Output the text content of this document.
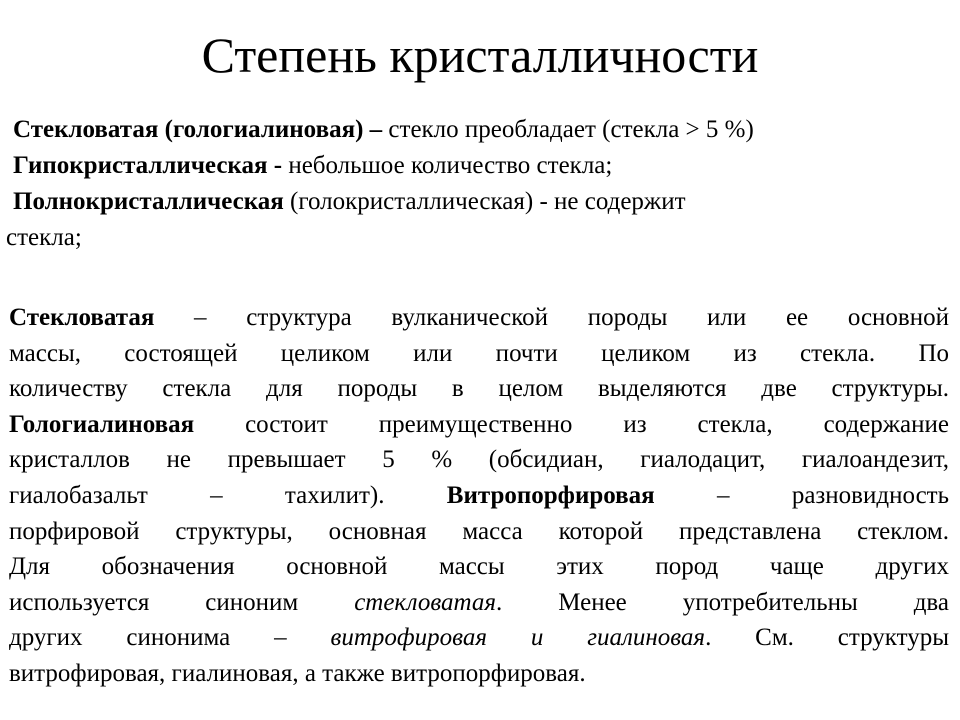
Степень кристалличности
Стекловатая (гологиалиновая) – стекло преобладает (стекла > 5 %)
Гипокристаллическая - небольшое количество стекла;
Полнокристаллическая (голокристаллическая) - не содержит
стекла;
Стекловатая – структура вулканической породы или ее основной
массы, состоящей целиком или почти целиком из стекла. По
количеству стекла для породы в целом выделяются две структуры.
Гологиалиновая состоит преимущественно из стекла, содержание
кристаллов не превышает 5 % (обсидиан, гиалодацит, гиалоандезит,
гиалобазальт – тахилит). Витропорфировая – разновидность
порфировой структуры, основная масса которой представлена стеклом.
Для обозначения основной массы этих пород чаще других
используется синоним стекловатая. Менее употребительны два
других синонима – витрофировая и гиалиновая. См. структуры
витрофировая, гиалиновая, а также витропорфировая.
